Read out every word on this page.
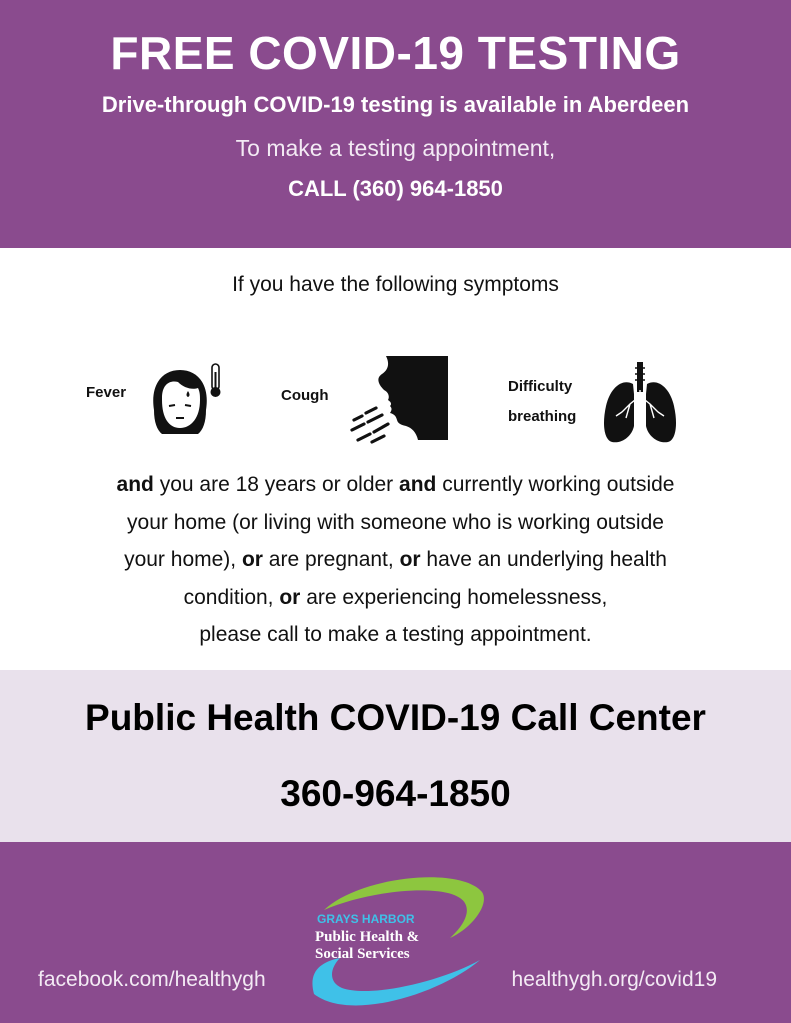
FREE COVID-19 TESTING
Drive-through COVID-19 testing is available in Aberdeen
To make a testing appointment,
CALL (360) 964-1850
If you have the following symptoms
Fever	Cough
Difficulty
breathing
and you are 18 years or older and currently working outside
your home (or living with someone who is working outside
your home), or are pregnant, or have an underlying health
condition, or are experiencing homelessness,
please call to make a testing appointment.
Public Health COVID-19 Call Center
360-964-1850
facebook.com/healthygh	healthygh.org/covid19
GRAYS HARBOR
Public Health &
Social Services
